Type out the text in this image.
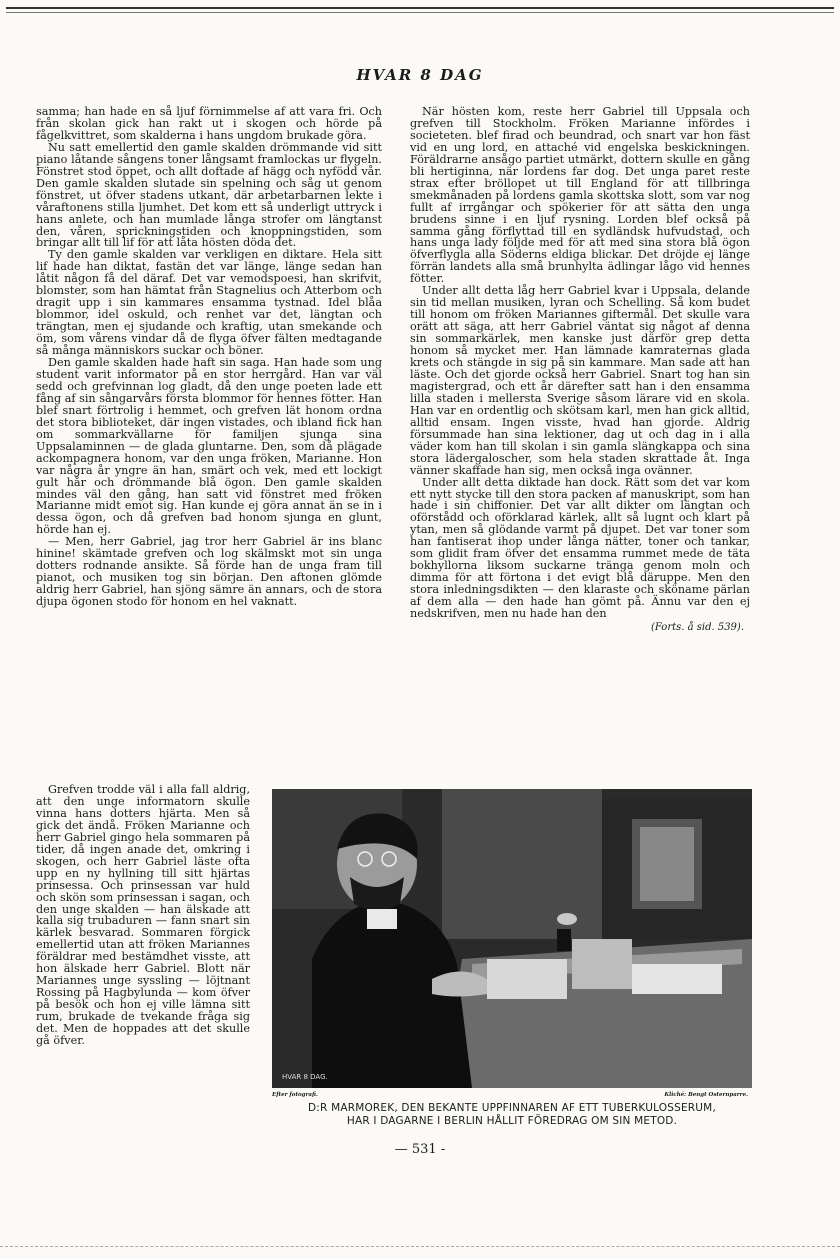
HVAR 8 DAG

samma; han hade en så ljuf förnimmelse af att vara fri. Och från skolan gick han rakt ut i skogen och hörde på fågelkvittret, som skalderna i hans ungdom brukade göra.

Nu satt emellertid den gamle skalden drömmande vid sitt piano låtande sångens toner långsamt framlockas ur flygeln. Fönstret stod öppet, och allt doftade af hägg och nyfödd vår. Den gamle skalden slutade sin spelning och såg ut genom fönstret, ut öfver stadens utkant, där arbetarbarnen lekte i våraftonens stilla ljumhet. Det kom ett så underligt uttryck i hans anlete, och han mumlade långa strofer om längtanst den, våren, sprickningstiden och knoppningstiden, som bringar allt till lif för att låta hösten döda det.

Ty den gamle skalden var verkligen en diktare. Hela sitt lif hade han diktat, fastän det var länge, länge sedan han låtit någon få del däraf. Det var vemodspoesi, han skrifvit, blomster, som han hämtat från Stagnelius och Atterbom och dragit upp i sin kammares ensamma tystnad. Idel blåa blommor, idel oskuld, och renhet var det, längtan och trängtan, men ej sjudande och kraftig, utan smekande och öm, som vårens vindar då de flyga öfver fälten medtagande så många människors suckar och böner.

Den gamle skalden hade haft sin saga. Han hade som ung student varit informator på en stor herrgård. Han var väl sedd och grefvinnan log gladt, då den unge poeten lade ett fång af sin sångarvårs första blommor för hennes fötter. Han blef snart förtrolig i hemmet, och grefven lät honom ordna det stora biblioteket, där ingen vistades, och ibland fick han om sommarkvällarne för familjen sjunga sina Uppsalaminnen — de glada gluntarne. Den, som då plägade ackompagnera honom, var den unga fröken, Marianne. Hon var några år yngre än han, smärt och vek, med ett lockigt gult hår och drömmande blå ögon. Den gamle skalden mindes väl den gång, han satt vid fönstret med fröken Marianne midt emot sig. Han kunde ej göra annat än se in i dessa ögon, och då grefven bad honom sjunga en glunt, hörde han ej.

— Men, herr Gabriel, jag tror herr Gabriel är ins blanc hinine! skämtade grefven och log skälmskt mot sin unga dotters rodnande ansikte. Så förde han de unga fram till pianot, och musiken tog sin början. Den aftonen glömde aldrig herr Gabriel, han sjöng sämre än annars, och de stora djupa ögonen stodo för honom en hel vaknatt.

Grefven trodde väl i alla fall aldrig, att den unge informatorn skulle vinna hans dotters hjärta. Men så gick det ändå. Fröken Marianne och herr Gabriel gingo hela sommaren på tider, då ingen anade det, omkring i skogen, och herr Gabriel läste ofta upp en ny hyllning till sitt hjärtas prinsessa. Och prinsessan var huld och skön som prinsessan i sagan, och den unge skalden — han älskade att kalla sig trubaduren — fann snart sin kärlek besvarad. Sommaren förgick emellertid utan att fröken Mariannes föräldrar med bestämdhet visste, att hon älskade herr Gabriel. Blott när Mariannes unge syssling — löjtnant Rossing på Hagbylunda — kom öfver på besök och hon ej ville lämna sitt rum, brukade de tvekande fråga sig det. Men de hoppades att det skulle gå öfver.

När hösten kom, reste herr Gabriel till Uppsala och grefven till Stockholm. Fröken Marianne infördes i societeten. blef firad och beundrad, och snart var hon fäst vid en ung lord, en attaché vid engelska beskickningen. Föräldrarne ansågo partiet utmärkt, dottern skulle en gång bli hertiginna, när lordens far dog. Det unga paret reste strax efter bröllopet ut till England för att tillbringa smekmånaden på lordens gamla skottska slott, som var nog fullt af irrgångar och spökerier för att sätta den unga brudens sinne i en ljuf rysning. Lorden blef också på samma gång förflyttad till en sydländsk hufvudstad, och hans unga lady följde med för att med sina stora blå ögon öfverflygla alla Söderns eldiga blickar. Det dröjde ej länge förrän landets alla små brunhylta ädlingar lågo vid hennes fötter.

Under allt detta låg herr Gabriel kvar i Uppsala, delande sin tid mellan musiken, lyran och Schelling. Så kom budet till honom om fröken Mariannes giftermål. Det skulle vara orätt att säga, att herr Gabriel väntat sig något af denna sin sommarkärlek, men kanske just därför grep detta honom så mycket mer. Han lämnade kamraternas glada krets och stängde in sig på sin kammare. Man sade att han läste. Och det gjorde också herr Gabriel. Snart tog han sin magistergrad, och ett år därefter satt han i den ensamma lilla staden i mellersta Sverige såsom lärare vid en skola. Han var en ordentlig och skötsam karl, men han gick alltid, alltid ensam. Ingen visste, hvad han gjorde. Aldrig försummade han sina lektioner, dag ut och dag in i alla väder kom han till skolan i sin gamla slängkappa och sina stora lädergaloscher, som hela staden skrattade åt. Inga vänner skaffade han sig, men också inga ovänner.

Under allt detta diktade han dock. Rätt som det var kom ett nytt stycke till den stora packen af manuskript, som han hade i sin chiffonier. Det var allt dikter om längtan och oförstådd och oförklarad kärlek, allt så lugnt och klart på ytan, men så glödande varmt på djupet. Det var toner som han fantiserat ihop under långa nätter, toner och tankar, som glidit fram öfver det ensamma rummet mede de täta bokhyllorna liksom suckarne tränga genom moln och dimma för att förtona i det evigt blå däruppe. Men den stora inledningsdikten — den klaraste och sköname pärlan af dem alla — den hade han gömt på. Ännu var den ej nedskrifven, men nu hade han den

(Forts. å sid. 539).
HVAR 8 DAG.
Efter fotografi.	Kliché: Bengt Osternparre.
D:R MARMOREK, DEN BEKANTE UPPFINNAREN AF ETT TUBERKULOSSERUM,
HAR I DAGARNE I BERLIN HÅLLIT FÖREDRAG OM SIN METOD.
— 531 -
